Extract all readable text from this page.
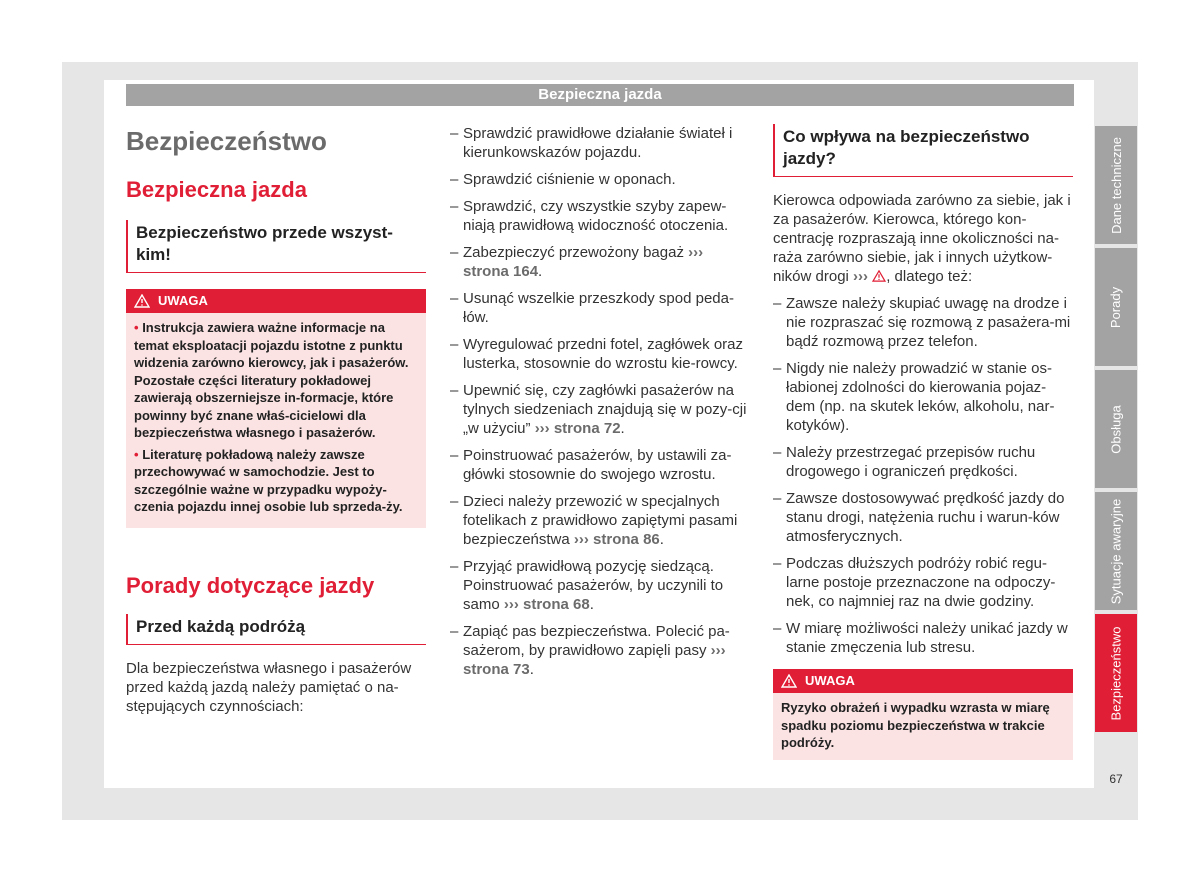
Bezpieczna jazda
Bezpieczeństwo
Bezpieczna jazda
Bezpieczeństwo przede wszyst-kim!
UWAGA

• Instrukcja zawiera ważne informacje na temat eksploatacji pojazdu istotne z punktu widzenia zarówno kierowcy, jak i pasażerów. Pozostałe części literatury pokładowej zawierają obszerniejsze in-formacje, które powinny być znane właś-cicielowi dla bezpieczeństwa własnego i pasażerów.

• Literaturę pokładową należy zawsze przechowywać w samochodzie. Jest to szczególnie ważne w przypadku wypoży-czenia pojazdu innej osobie lub sprzeda-ży.

Porady dotyczące jazdy
Przed każdą podróżą

Dla bezpieczeństwa własnego i pasażerów przed każdą jazdą należy pamiętać o na-stępujących czynnościach:

– Sprawdzić prawidłowe działanie świateł i kierunkowskazów pojazdu.
– Sprawdzić ciśnienie w oponach.
– Sprawdzić, czy wszystkie szyby zapew-niają prawidłową widoczność otoczenia.
– Zabezpieczyć przewożony bagaż ››› strona 164.
– Usunąć wszelkie przeszkody spod peda-łów.
– Wyregulować przedni fotel, zagłówek oraz lusterka, stosownie do wzrostu kie-rowcy.
– Upewnić się, czy zagłówki pasażerów na tylnych siedzeniach znajdują się w pozy-cji „w użyciu” ››› strona 72.
– Poinstruować pasażerów, by ustawili za-główki stosownie do swojego wzrostu.
– Dzieci należy przewozić w specjalnych fotelikach z prawidłowo zapiętymi pasami bezpieczeństwa ››› strona 86.
– Przyjąć prawidłową pozycję siedzącą. Poinstruować pasażerów, by uczynili to samo ››› strona 68.
– Zapiąć pas bezpieczeństwa. Polecić pa-sażerom, by prawidłowo zapięli pasy ››› strona 73.
Co wpływa na bezpieczeństwo jazdy?

Kierowca odpowiada zarówno za siebie, jak i za pasażerów. Kierowca, którego kon-centrację rozpraszają inne okoliczności na-raża zarówno siebie, jak i innych użytkow-ników drogi ››› , dlatego też:

– Zawsze należy skupiać uwagę na drodze i nie rozpraszać się rozmową z pasażera-mi bądź rozmową przez telefon.
– Nigdy nie należy prowadzić w stanie os-łabionej zdolności do kierowania pojaz-dem (np. na skutek leków, alkoholu, nar-kotyków).
– Należy przestrzegać przepisów ruchu drogowego i ograniczeń prędkości.
– Zawsze dostosowywać prędkość jazdy do stanu drogi, natężenia ruchu i warun-ków atmosferycznych.
– Podczas dłuższych podróży robić regu-larne postoje przeznaczone na odpoczy-nek, co najmniej raz na dwie godziny.
– W miarę możliwości należy unikać jazdy w stanie zmęczenia lub stresu.
UWAGA
Ryzyko obrażeń i wypadku wzrasta w miarę spadku poziomu bezpieczeństwa w trakcie podróży.
Dane techniczne
Porady
Obsługa
Sytuacje awaryjne
Bezpieczeństwo
67
